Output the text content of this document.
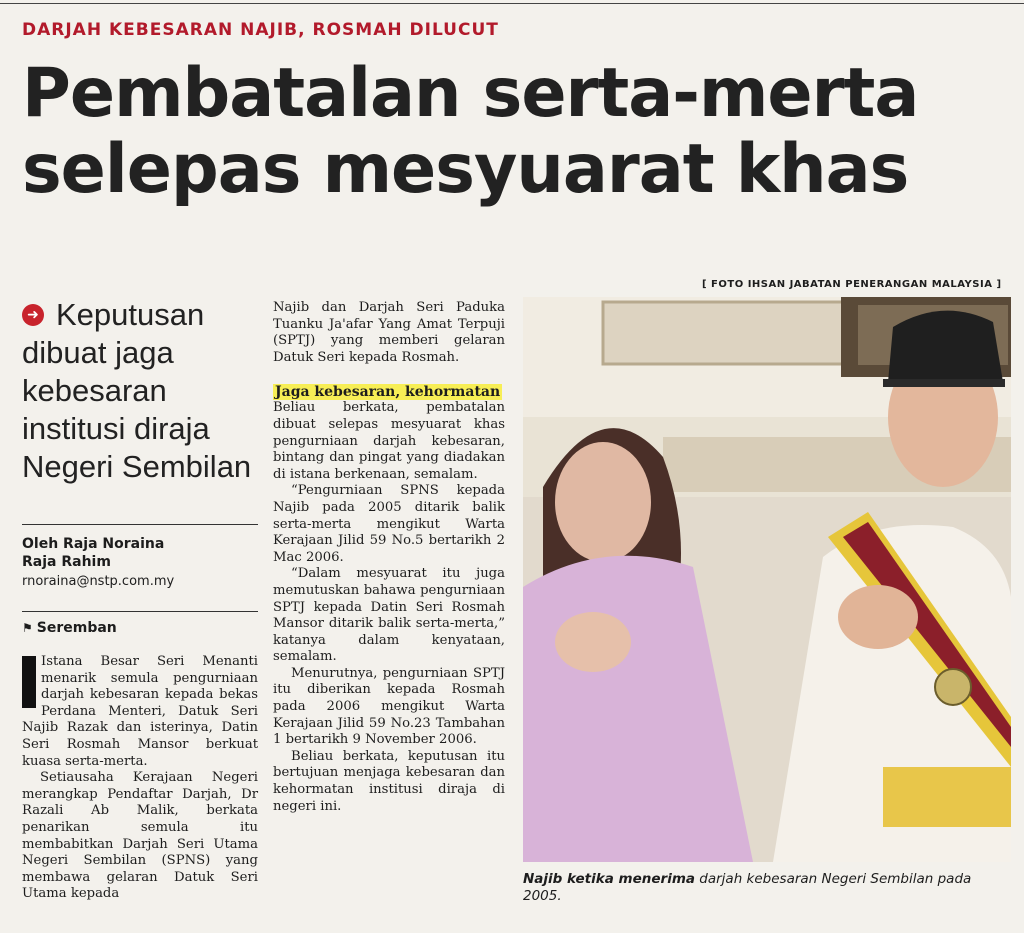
DARJAH KEBESARAN NAJIB, ROSMAH DILUCUT
Pembatalan serta-merta
selepas mesyuarat khas
➜ Keputusan
dibuat jaga
kebesaran
institusi diraja
Negeri Sembilan
Oleh Raja Noraina
Raja Rahim
rnoraina@nstp.com.my
⚑ Seremban

Istana Besar Seri Menanti menarik semula pengurniaan darjah kebesaran kepada bekas Perdana Menteri, Datuk Seri Najib Razak dan isterinya, Datin Seri Rosmah Mansor berkuat kuasa serta-merta.

Setiausaha Kerajaan Negeri merangkap Pendaftar Darjah, Dr Razali Ab Malik, berkata penarikan semula itu membabitkan Darjah Seri Utama Negeri Sembilan (SPNS) yang membawa gelaran Datuk Seri Utama kepada

Najib dan Darjah Seri Paduka Tuanku Ja'afar Yang Amat Terpuji (SPTJ) yang memberi gelaran Datuk Seri kepada Rosmah.

Jaga kebesaran, kehormatan

Beliau berkata, pembatalan dibuat selepas mesyuarat khas pengurniaan darjah kebesaran, bintang dan pingat yang diadakan di istana berkenaan, semalam.

“Pengurniaan SPNS kepada Najib pada 2005 ditarik balik serta-merta mengikut Warta Kerajaan Jilid 59 No.5 bertarikh 2 Mac 2006.

“Dalam mesyuarat itu juga memutuskan bahawa pengurniaan SPTJ kepada Datin Seri Rosmah Mansor ditarik balik serta-merta,” katanya dalam kenyataan, semalam.

Menurutnya, pengurniaan SPTJ itu diberikan kepada Rosmah pada 2006 mengikut Warta Kerajaan Jilid 59 No.23 Tambahan 1 bertarikh 9 November 2006.

Beliau berkata, keputusan itu bertujuan menjaga kebesaran dan kehormatan institusi diraja di negeri ini.

[ FOTO IHSAN JABATAN PENERANGAN MALAYSIA ]
Najib ketika menerima darjah kebesaran Negeri Sembilan pada 2005.
